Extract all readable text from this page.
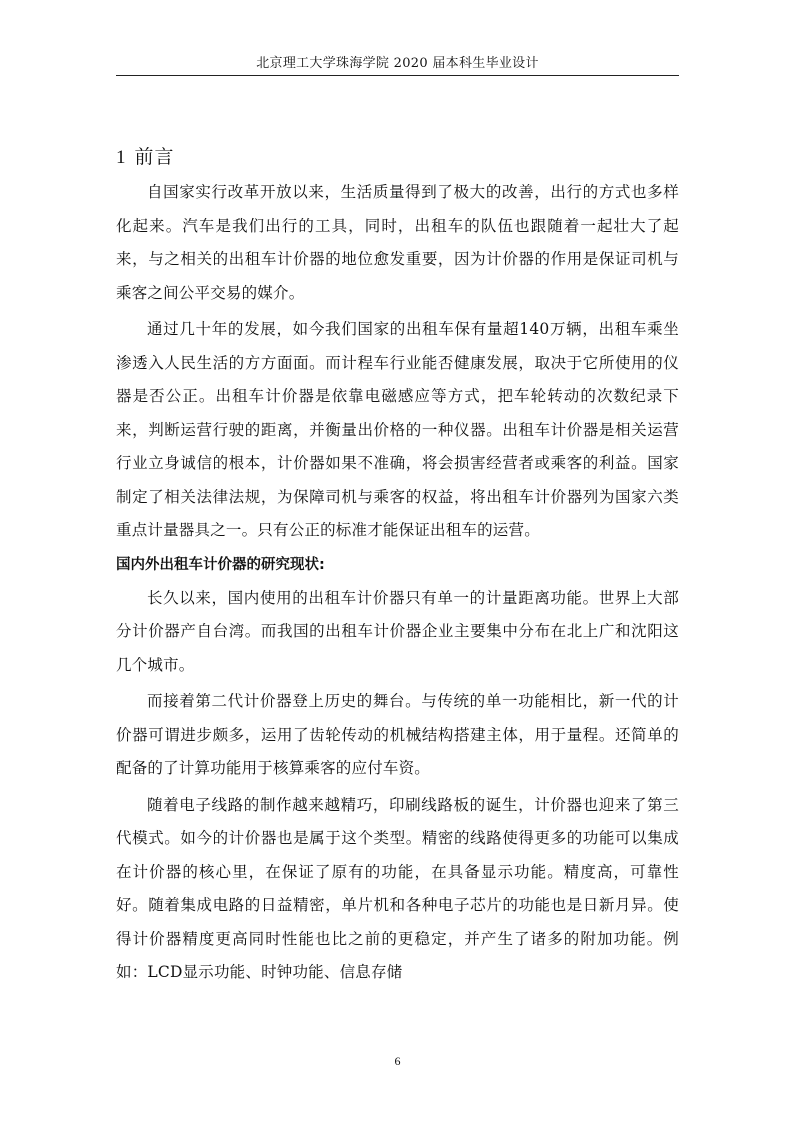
北京理工大学珠海学院 2020 届本科生毕业设计
1 前言

自国家实行改革开放以来，生活质量得到了极大的改善，出行的方式也多样化起来。汽车是我们出行的工具，同时，出租车的队伍也跟随着一起壮大了起来，与之相关的出租车计价器的地位愈发重要，因为计价器的作用是保证司机与乘客之间公平交易的媒介。

通过几十年的发展，如今我们国家的出租车保有量超140万辆，出租车乘坐渗透入人民生活的方方面面。而计程车行业能否健康发展，取决于它所使用的仪器是否公正。出租车计价器是依靠电磁感应等方式，把车轮转动的次数纪录下来，判断运营行驶的距离，并衡量出价格的一种仪器。出租车计价器是相关运营行业立身诚信的根本，计价器如果不准确，将会损害经营者或乘客的利益。国家制定了相关法律法规，为保障司机与乘客的权益，将出租车计价器列为国家六类重点计量器具之一。只有公正的标准才能保证出租车的运营。

国内外出租车计价器的研究现状:

长久以来，国内使用的出租车计价器只有单一的计量距离功能。世界上大部分计价器产自台湾。而我国的出租车计价器企业主要集中分布在北上广和沈阳这几个城市。

而接着第二代计价器登上历史的舞台。与传统的单一功能相比，新一代的计价器可谓进步颇多，运用了齿轮传动的机械结构搭建主体，用于量程。还简单的配备的了计算功能用于核算乘客的应付车资。

随着电子线路的制作越来越精巧，印刷线路板的诞生，计价器也迎来了第三代模式。如今的计价器也是属于这个类型。精密的线路使得更多的功能可以集成在计价器的核心里，在保证了原有的功能，在具备显示功能。精度高，可靠性好。随着集成电路的日益精密，单片机和各种电子芯片的功能也是日新月异。使得计价器精度更高同时性能也比之前的更稳定，并产生了诸多的附加功能。例如：LCD显示功能、时钟功能、信息存储

6
